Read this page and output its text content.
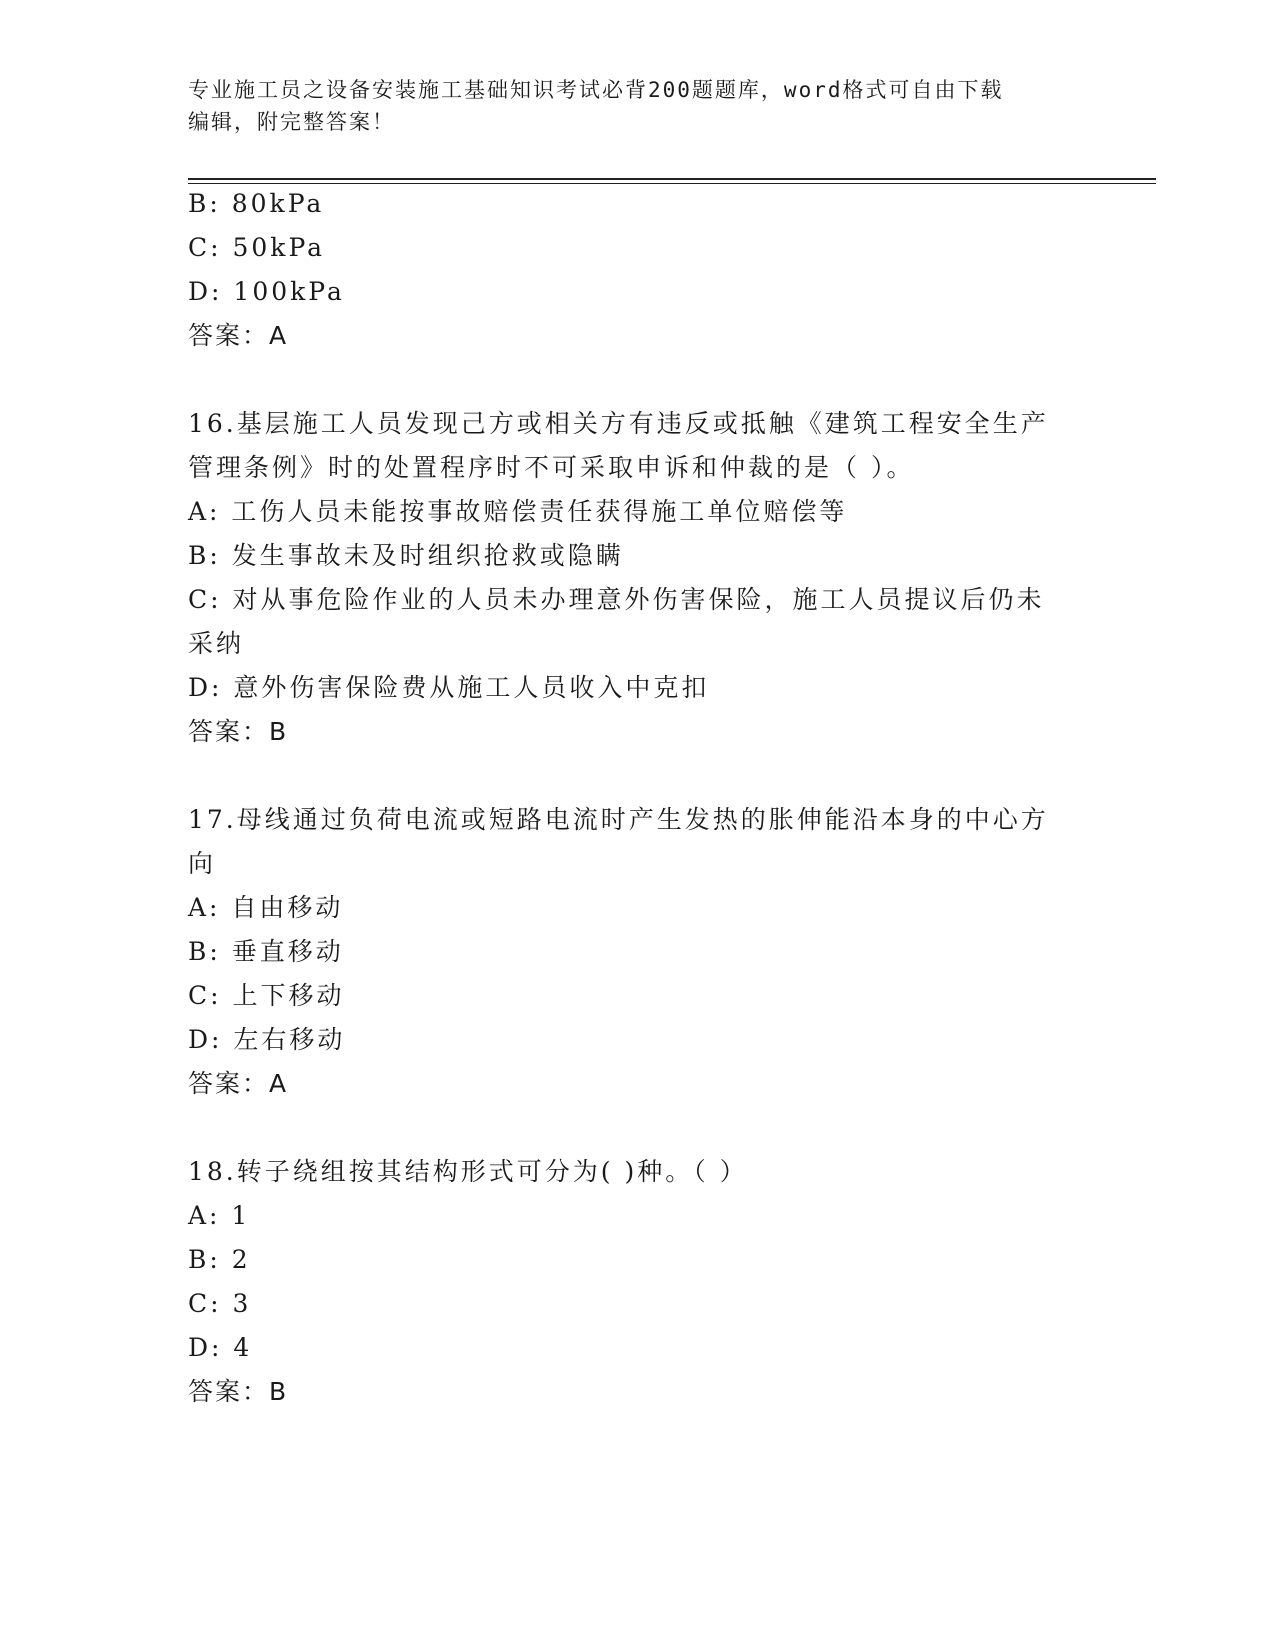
专业施工员之设备安装施工基础知识考试必背200题题库，word格式可自由下载
编辑，附完整答案！
B: 80kPa
C: 50kPa
D: 100kPa
答案：A
16.基层施工人员发现己方或相关方有违反或抵触《建筑工程安全生产
管理条例》时的处置程序时不可采取申诉和仲裁的是（ ）。
A: 工伤人员未能按事故赔偿责任获得施工单位赔偿等
B: 发生事故未及时组织抢救或隐瞒
C: 对从事危险作业的人员未办理意外伤害保险，施工人员提议后仍未
采纳
D: 意外伤害保险费从施工人员收入中克扣
答案：B
17.母线通过负荷电流或短路电流时产生发热的胀伸能沿本身的中心方
向
A: 自由移动
B: 垂直移动
C: 上下移动
D: 左右移动
答案：A
18.转子绕组按其结构形式可分为( )种。（ ）
A: 1
B: 2
C: 3
D: 4
答案：B
